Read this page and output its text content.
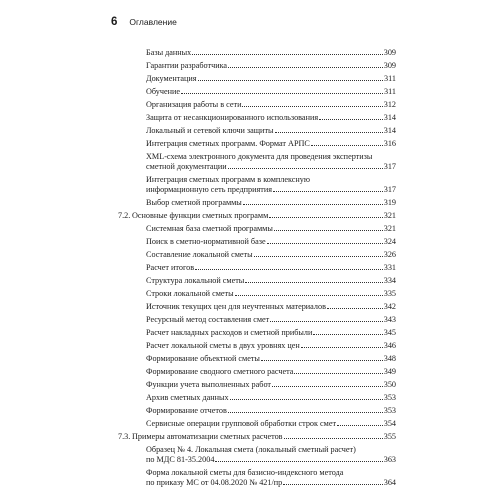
6 Оглавление
Базы данных	309
Гарантии разработчика	309
Документация	311
Обучение	311
Организация работы в сети	312
Защита от несанкционированного использования	314
Локальный и сетевой ключи защиты	314
Интеграция сметных программ. Формат АРПС	316
XML-схема электронного документа для проведения экспертизы
сметной документации	317
Интеграция сметных программ в комплексную
информационную сеть предприятия	317
Выбор сметной программы	319
7.2. Основные функции сметных программ	321
Системная база сметной программы	321
Поиск в сметно-нормативной базе	324
Составление локальной сметы	326
Расчет итогов	331
Структура локальной сметы	334
Строки локальной сметы	335
Источник текущих цен для неучтенных материалов	342
Ресурсный метод составления смет	343
Расчет накладных расходов и сметной прибыли	345
Расчет локальной сметы в двух уровнях цен	346
Формирование объектной сметы	348
Формирование сводного сметного расчета	349
Функции учета выполненных работ	350
Архив сметных данных	353
Формирование отчетов	353
Сервисные операции групповой обработки строк смет	354
7.3. Примеры автоматизации сметных расчетов	355
Образец № 4. Локальная смета (локальный сметный расчет)
по МДС 81-35.2004	363
Форма локальной сметы для базисно-индексного метода
по приказу МС от 04.08.2020 № 421/пр	364
